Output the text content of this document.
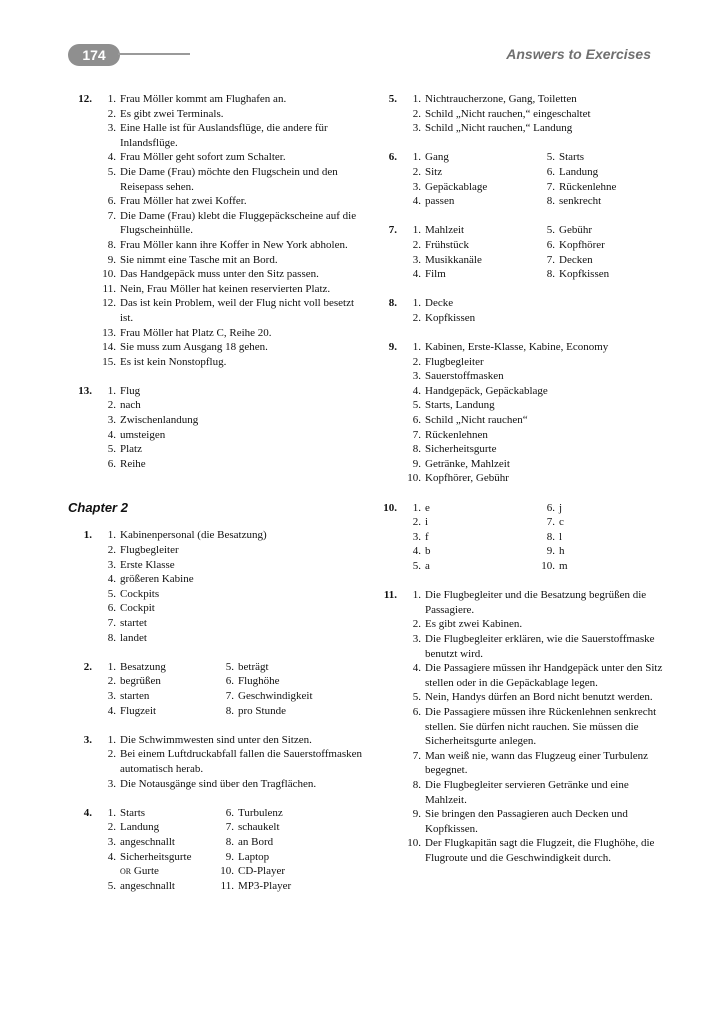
174	Answers to Exercises
12.	1. Frau Möller kommt am Flughafen an.
2. Es gibt zwei Terminals.
3. Eine Halle ist für Auslandsflüge, die andere für Inlandsflüge.
4. Frau Möller geht sofort zum Schalter.
5. Die Dame (Frau) möchte den Flugschein und den Reisepass sehen.
6. Frau Möller hat zwei Koffer.
7. Die Dame (Frau) klebt die Fluggepäckscheine auf die Flugscheinhülle.
8. Frau Möller kann ihre Koffer in New York abholen.
9. Sie nimmt eine Tasche mit an Bord.
10. Das Handgepäck muss unter den Sitz passen.
11. Nein, Frau Möller hat keinen reservierten Platz.
12. Das ist kein Problem, weil der Flug nicht voll besetzt ist.
13. Frau Möller hat Platz C, Reihe 20.
14. Sie muss zum Ausgang 18 gehen.
15. Es ist kein Nonstopflug.
13.	1. Flug
2. nach
3. Zwischenlandung
4. umsteigen
5. Platz
6. Reihe
Chapter 2
1.	1. Kabinenpersonal (die Besatzung)
2. Flugbegleiter
3. Erste Klasse
4. größeren Kabine
5. Cockpits
6. Cockpit
7. startet
8. landet
2.	1. Besatzung	5. beträgt
2. begrüßen	6. Flughöhe
3. starten	7. Geschwindigkeit
4. Flugzeit	8. pro Stunde
3.	1. Die Schwimmwesten sind unter den Sitzen.
2. Bei einem Luftdruckabfall fallen die Sauerstoffmasken automatisch herab.
3. Die Notausgänge sind über den Tragflächen.
4.	1. Starts	6. Turbulenz
2. Landung	7. schaukelt
3. angeschnallt	8. an Bord
4. Sicherheitsgurte	9. Laptop
or Gurte	10. CD-Player
5. angeschnallt	11. MP3-Player
5.	1. Nichtraucherzone, Gang, Toiletten
2. Schild „Nicht rauchen,“ eingeschaltet
3. Schild „Nicht rauchen,“ Landung
6.	1. Gang	5. Starts
2. Sitz	6. Landung
3. Gepäckablage	7. Rückenlehne
4. passen	8. senkrecht
7.	1. Mahlzeit	5. Gebühr
2. Frühstück	6. Kopfhörer
3. Musikkanäle	7. Decken
4. Film	8. Kopfkissen
8.	1. Decke
2. Kopfkissen
9.	1. Kabinen, Erste-Klasse, Kabine, Economy
2. Flugbegleiter
3. Sauerstoffmasken
4. Handgepäck, Gepäckablage
5. Starts, Landung
6. Schild „Nicht rauchen“
7. Rückenlehnen
8. Sicherheitsgurte
9. Getränke, Mahlzeit
10. Kopfhörer, Gebühr
10.	1. e	6. j
2. i	7. c
3. f	8. l
4. b	9. h
5. a	10. m
11.	1. Die Flugbegleiter und die Besatzung begrüßen die Passagiere.
2. Es gibt zwei Kabinen.
3. Die Flugbegleiter erklären, wie die Sauerstoffmaske benutzt wird.
4. Die Passagiere müssen ihr Handgepäck unter den Sitz stellen oder in die Gepäckablage legen.
5. Nein, Handys dürfen an Bord nicht benutzt werden.
6. Die Passagiere müssen ihre Rückenlehnen senkrecht stellen. Sie dürfen nicht rauchen. Sie müssen die Sicherheitsgurte anlegen.
7. Man weiß nie, wann das Flugzeug einer Turbulenz begegnet.
8. Die Flugbegleiter servieren Getränke und eine Mahlzeit.
9. Sie bringen den Passagieren auch Decken und Kopfkissen.
10. Der Flugkapitän sagt die Flugzeit, die Flughöhe, die Flugroute und die Geschwindigkeit durch.
